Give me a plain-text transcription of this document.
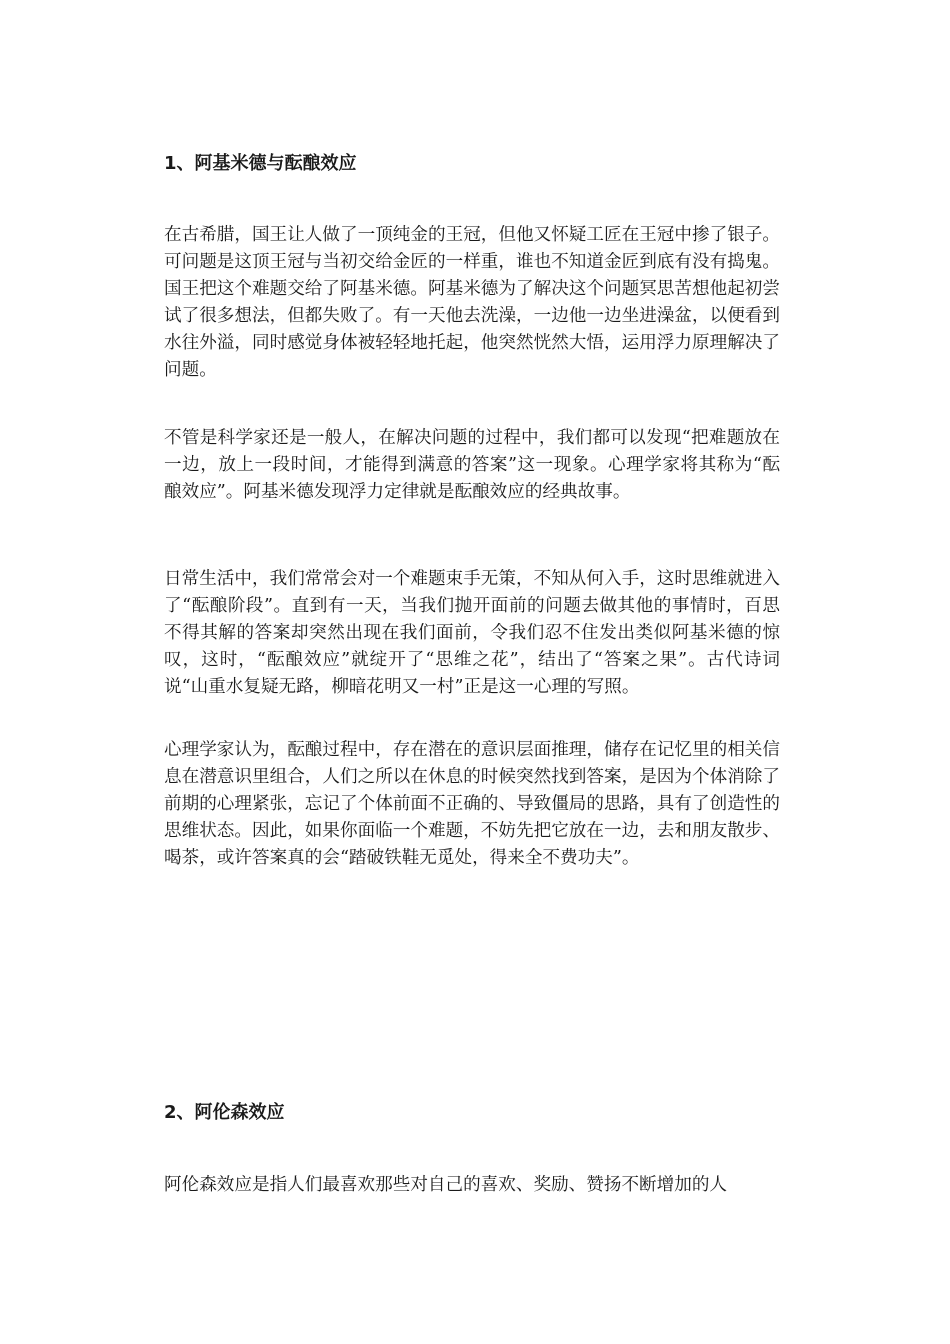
1、阿基米德与酝酿效应

在古希腊，国王让人做了一顶纯金的王冠，但他又怀疑工匠在王冠中掺了银子。可问题是这顶王冠与当初交给金匠的一样重，谁也不知道金匠到底有没有捣鬼。国王把这个难题交给了阿基米德。阿基米德为了解决这个问题冥思苦想他起初尝试了很多想法，但都失败了。有一天他去洗澡，一边他一边坐进澡盆，以便看到水往外溢，同时感觉身体被轻轻地托起，他突然恍然大悟，运用浮力原理解决了问题。

不管是科学家还是一般人，在解决问题的过程中，我们都可以发现“把难题放在一边，放上一段时间，才能得到满意的答案”这一现象。心理学家将其称为“酝酿效应”。阿基米德发现浮力定律就是酝酿效应的经典故事。

日常生活中，我们常常会对一个难题束手无策，不知从何入手，这时思维就进入了“酝酿阶段”。直到有一天，当我们抛开面前的问题去做其他的事情时，百思不得其解的答案却突然出现在我们面前，令我们忍不住发出类似阿基米德的惊叹，这时，“酝酿效应”就绽开了“思维之花”，结出了“答案之果”。古代诗词说“山重水复疑无路，柳暗花明又一村”正是这一心理的写照。

心理学家认为，酝酿过程中，存在潜在的意识层面推理，储存在记忆里的相关信息在潜意识里组合，人们之所以在休息的时候突然找到答案，是因为个体消除了前期的心理紧张，忘记了个体前面不正确的、导致僵局的思路，具有了创造性的思维状态。因此，如果你面临一个难题，不妨先把它放在一边，去和朋友散步、喝茶，或许答案真的会“踏破铁鞋无觅处，得来全不费功夫”。

2、阿伦森效应

阿伦森效应是指人们最喜欢那些对自己的喜欢、奖励、赞扬不断增加的人
